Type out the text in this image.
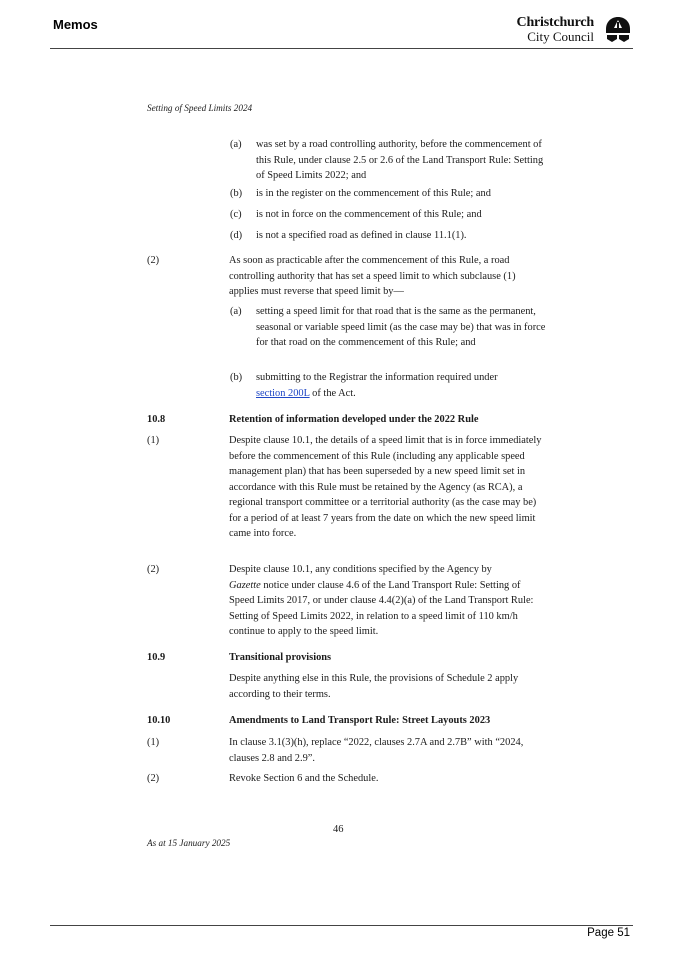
Memos	Christchurch
City Council
Setting of Speed Limits 2024
(a) was set by a road controlling authority, before the commencement of this Rule, under clause 2.5 or 2.6 of the Land Transport Rule: Setting of Speed Limits 2022; and
(b) is in the register on the commencement of this Rule; and
(c) is not in force on the commencement of this Rule; and
(d) is not a specified road as defined in clause 11.1(1).
(2)	As soon as practicable after the commencement of this Rule, a road controlling authority that has set a speed limit to which subclause (1) applies must reverse that speed limit by—
(a) setting a speed limit for that road that is the same as the permanent, seasonal or variable speed limit (as the case may be) that was in force for that road on the commencement of this Rule; and
(b) submitting to the Registrar the information required under
section 200L of the Act.
10.8	Retention of information developed under the 2022 Rule
(1)	Despite clause 10.1, the details of a speed limit that is in force immediately before the commencement of this Rule (including any applicable speed management plan) that has been superseded by a new speed limit set in accordance with this Rule must be retained by the Agency (as RCA), a regional transport committee or a territorial authority (as the case may be) for a period of at least 7 years from the date on which the new speed limit came into force.
(2)	Despite clause 10.1, any conditions specified by the Agency by
Gazette notice under clause 4.6 of the Land Transport Rule: Setting of Speed Limits 2017, or under clause 4.4(2)(a) of the Land Transport Rule: Setting of Speed Limits 2022, in relation to a speed limit of 110 km/h continue to apply to the speed limit.
10.9	Transitional provisions
Despite anything else in this Rule, the provisions of Schedule 2 apply according to their terms.
10.10	Amendments to Land Transport Rule: Street Layouts 2023
(1)	In clause 3.1(3)(h), replace “2022, clauses 2.7A and 2.7B” with “2024, clauses 2.8 and 2.9”.
(2)	Revoke Section 6 and the Schedule.
46
As at 15 January 2025
Page 51
